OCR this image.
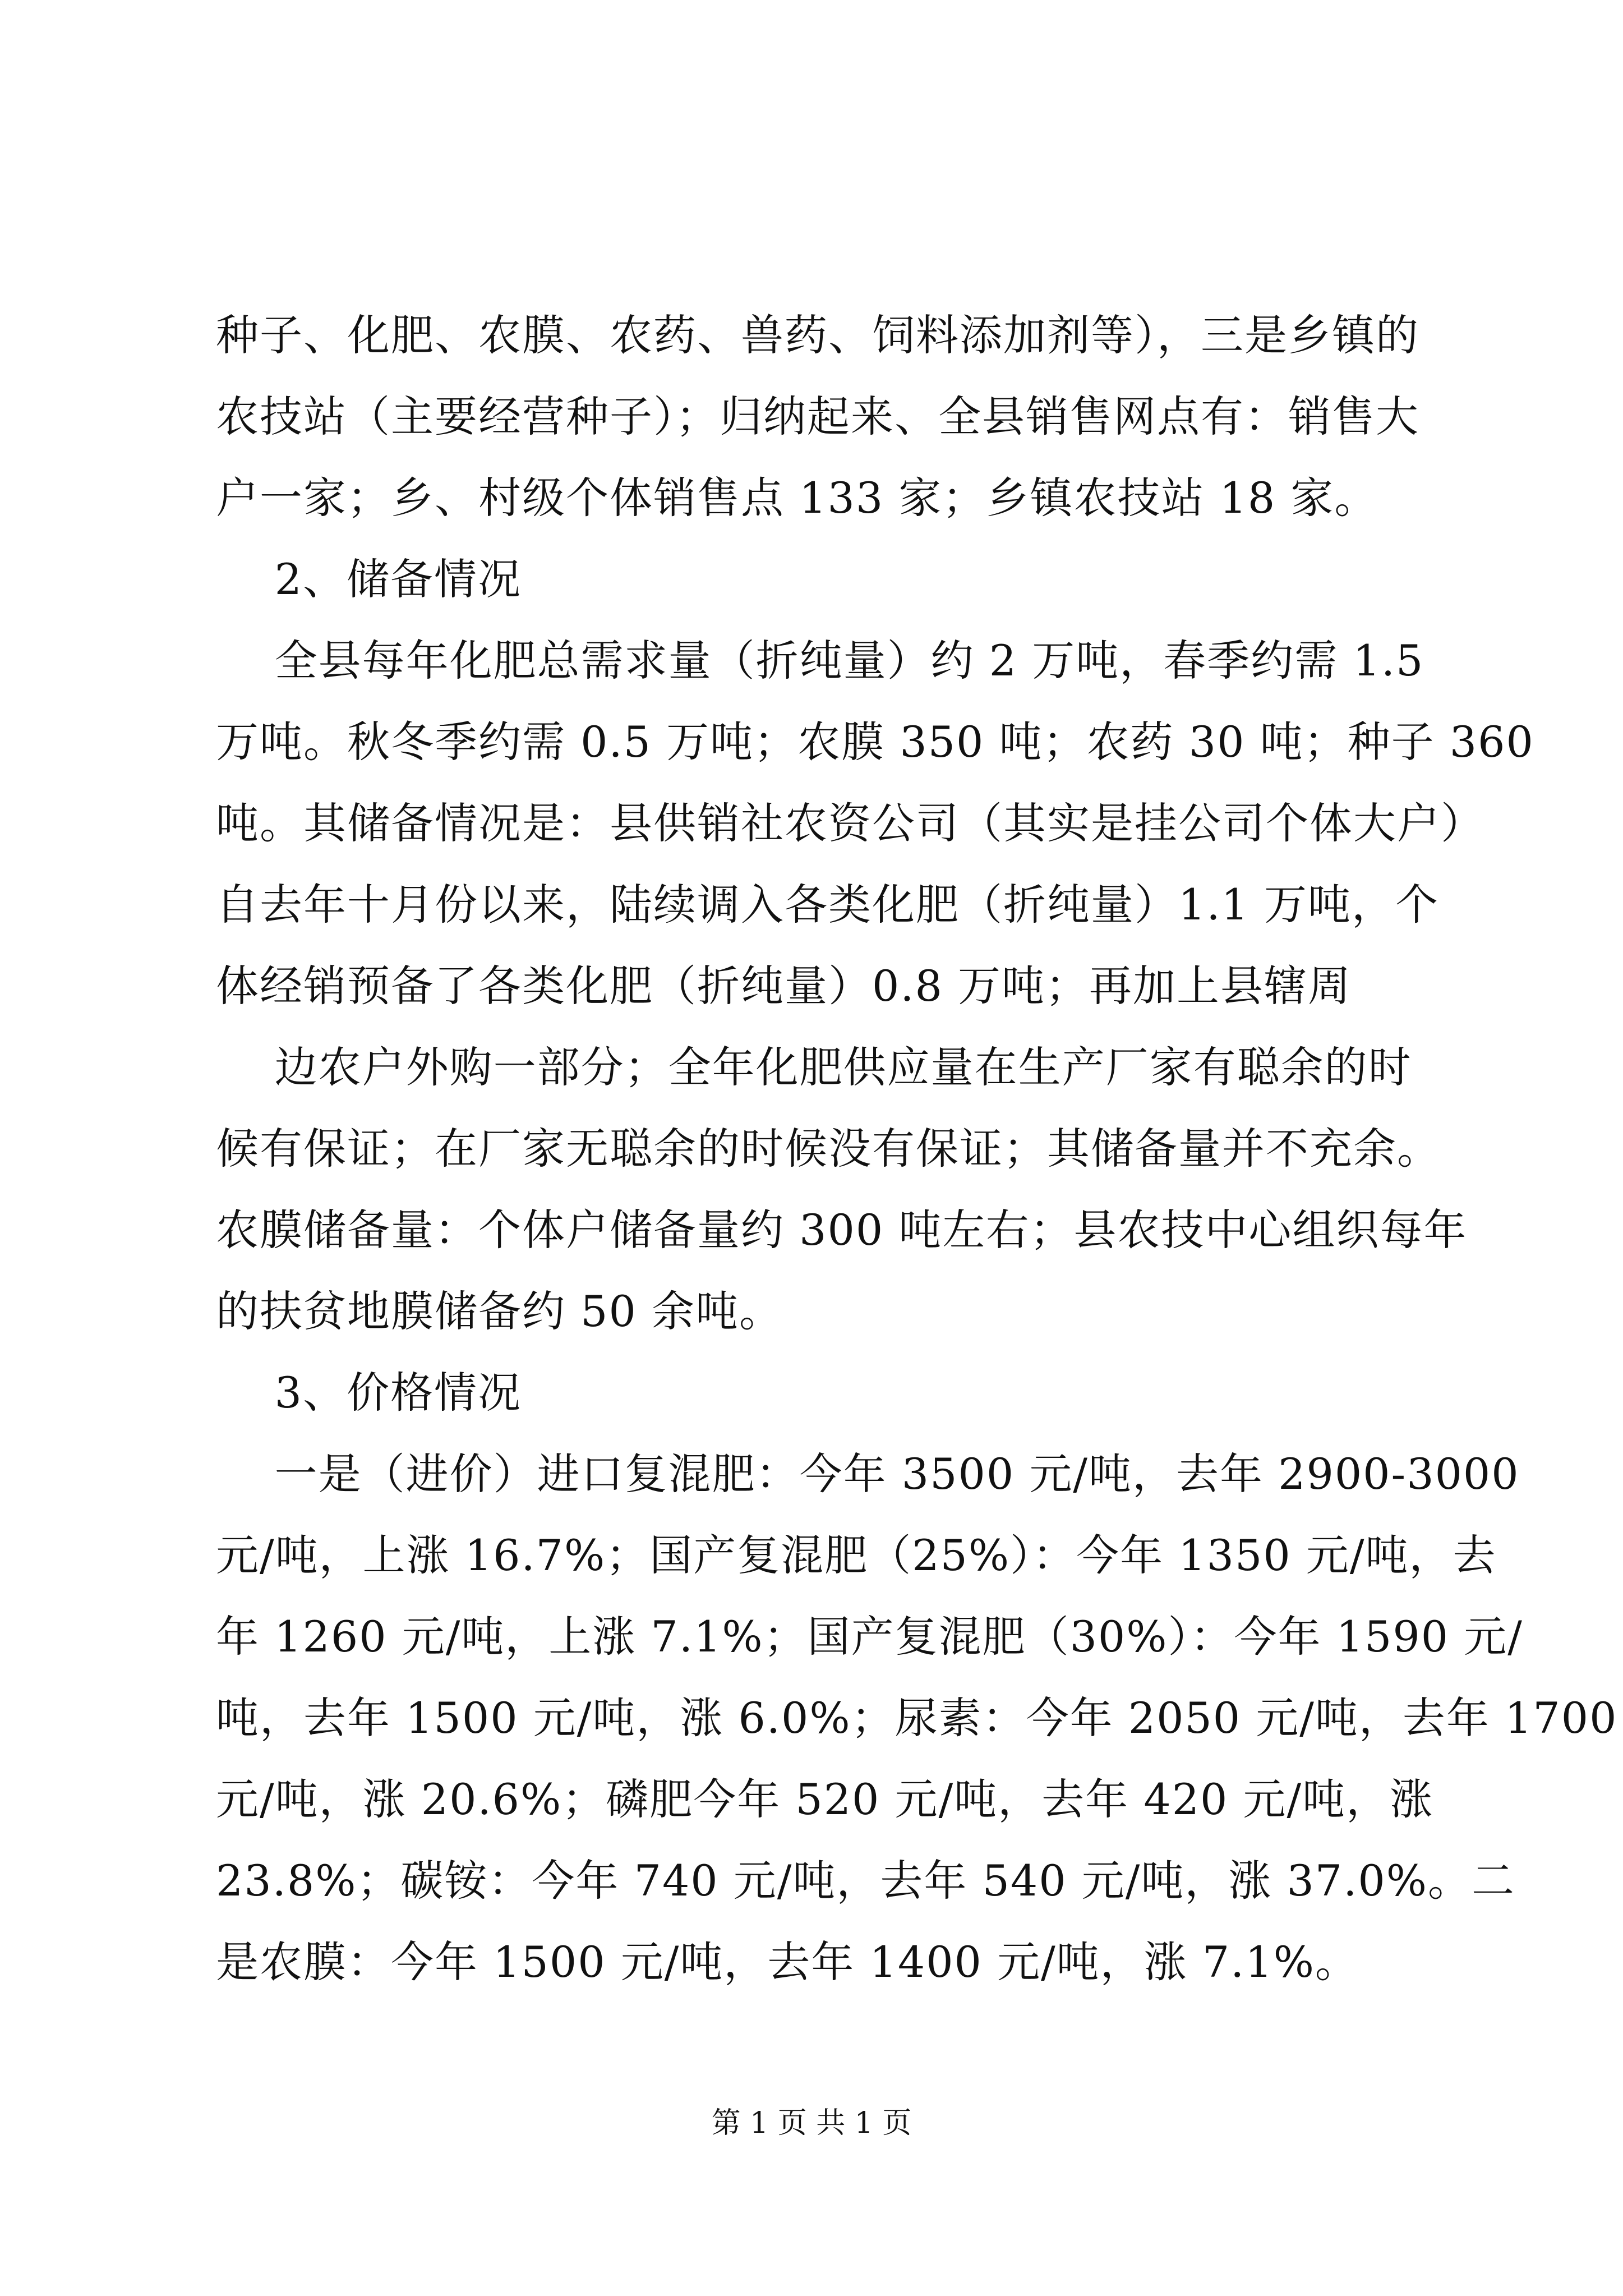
种子、化肥、农膜、农药、兽药、饲料添加剂等），三是乡镇的
农技站（主要经营种子）；归纳起来、全县销售网点有：销售大
户一家；乡、村级个体销售点 133 家；乡镇农技站 18 家。
2、储备情况
全县每年化肥总需求量（折纯量）约 2 万吨，春季约需 1.5
万吨。秋冬季约需 0.5 万吨；农膜 350 吨；农药 30 吨；种子 360
吨。其储备情况是：县供销社农资公司（其实是挂公司个体大户）
自去年十月份以来，陆续调入各类化肥（折纯量）1.1 万吨，个
体经销预备了各类化肥（折纯量）0.8 万吨；再加上县辖周
边农户外购一部分；全年化肥供应量在生产厂家有聪余的时
候有保证；在厂家无聪余的时候没有保证；其储备量并不充余。
农膜储备量：个体户储备量约 300 吨左右；县农技中心组织每年
的扶贫地膜储备约 50 余吨。
3、价格情况
一是（进价）进口复混肥：今年 3500 元/吨，去年 2900-3000
元/吨，上涨 16.7%；国产复混肥（25%）：今年 1350 元/吨，去
年 1260 元/吨，上涨 7.1%；国产复混肥（30%）：今年 1590 元/
吨，去年 1500 元/吨，涨 6.0%；尿素：今年 2050 元/吨，去年 1700
元/吨，涨 20.6%；磷肥今年 520 元/吨，去年 420 元/吨，涨
23.8%；碳铵：今年 740 元/吨，去年 540 元/吨，涨 37.0%。二
是农膜：今年 1500 元/吨，去年 1400 元/吨，涨 7.1%。
第 1 页 共 1 页
